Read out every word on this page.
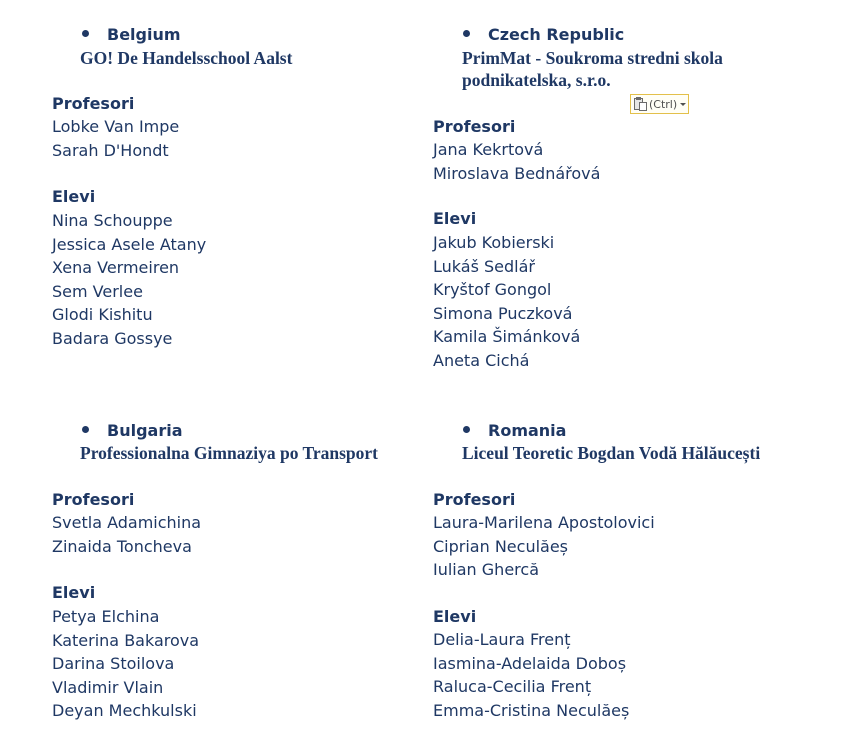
Belgium

GO! De Handelsschool Aalst

Profesori

Lobke Van Impe
Sarah D'Hondt

Elevi

Nina Schouppe
Jessica Asele Atany
Xena Vermeiren
Sem Verlee
Glodi Kishitu
Badara Gossye
Czech Republic

PrimMat - Soukroma stredni skola
podnikatelska, s.r.o.

Profesori

Jana Kekrtová
Miroslava Bednářová

Elevi

Jakub Kobierski
Lukáš Sedlář
Kryštof Gongol
Simona Puczková
Kamila Šimánková
Aneta Cichá
Bulgaria

Professionalna Gimnaziya po Transport

Profesori

Svetla Adamichina
Zinaida Toncheva

Elevi

Petya Elchina
Katerina Bakarova
Darina Stoilova
Vladimir Vlain
Deyan Mechkulski
Romania

Liceul Teoretic Bogdan Vodă Hălăucești

Profesori

Laura-Marilena Apostolovici
Ciprian Neculăeș
Iulian Ghercă

Elevi

Delia-Laura Frenț
Iasmina-Adelaida Doboș
Raluca-Cecilia Frenț
Emma-Cristina Neculăeș
(Ctrl)
